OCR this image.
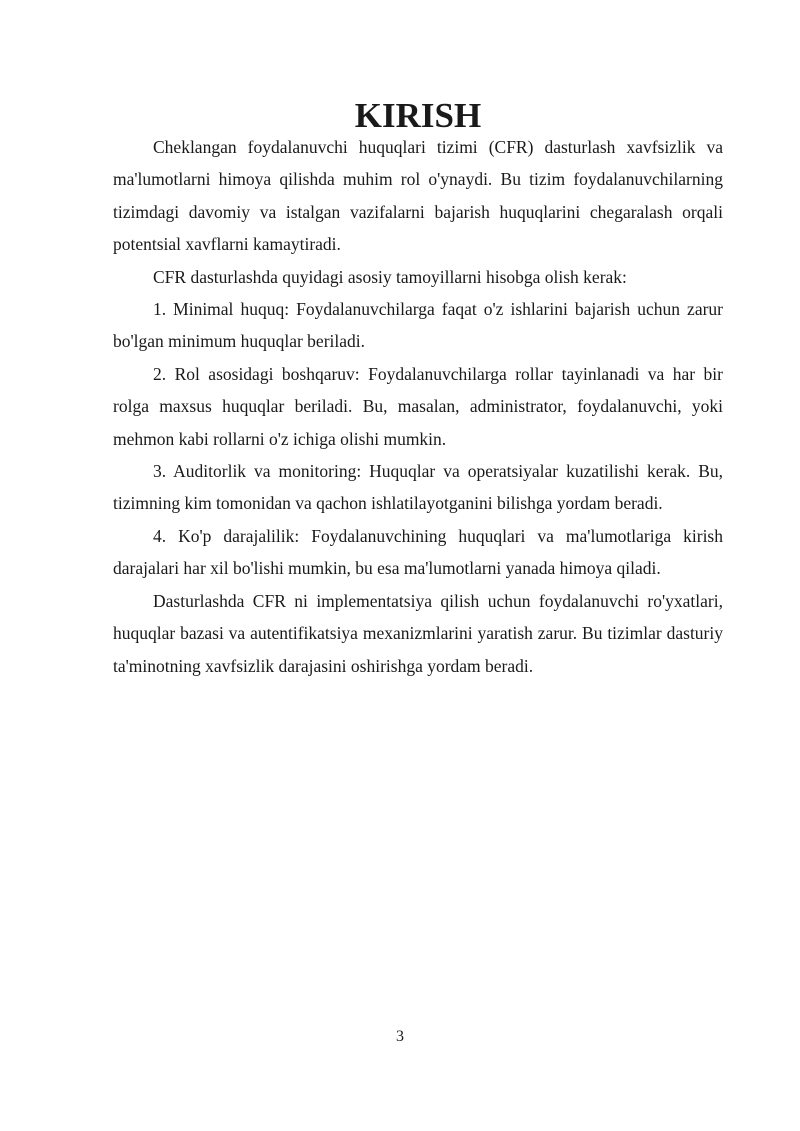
KIRISH

Cheklangan foydalanuvchi huquqlari tizimi (CFR) dasturlash xavfsizlik va ma'lumotlarni himoya qilishda muhim rol o'ynaydi. Bu tizim foydalanuvchilarning tizimdagi davomiy va istalgan vazifalarni bajarish huquqlarini chegaralash orqali potentsial xavflarni kamaytiradi.

CFR dasturlashda quyidagi asosiy tamoyillarni hisobga olish kerak:

1. Minimal huquq: Foydalanuvchilarga faqat o'z ishlarini bajarish uchun zarur bo'lgan minimum huquqlar beriladi.

2. Rol asosidagi boshqaruv: Foydalanuvchilarga rollar tayinlanadi va har bir rolga maxsus huquqlar beriladi. Bu, masalan, administrator, foydalanuvchi, yoki mehmon kabi rollarni o'z ichiga olishi mumkin.

3. Auditorlik va monitoring: Huquqlar va operatsiyalar kuzatilishi kerak. Bu, tizimning kim tomonidan va qachon ishlatilayotganini bilishga yordam beradi.

4. Ko'p darajalilik: Foydalanuvchining huquqlari va ma'lumotlariga kirish darajalari har xil bo'lishi mumkin, bu esa ma'lumotlarni yanada himoya qiladi.

Dasturlashda CFR ni implementatsiya qilish uchun foydalanuvchi ro'yxatlari, huquqlar bazasi va autentifikatsiya mexanizmlarini yaratish zarur. Bu tizimlar dasturiy ta'minotning xavfsizlik darajasini oshirishga yordam beradi.

3
